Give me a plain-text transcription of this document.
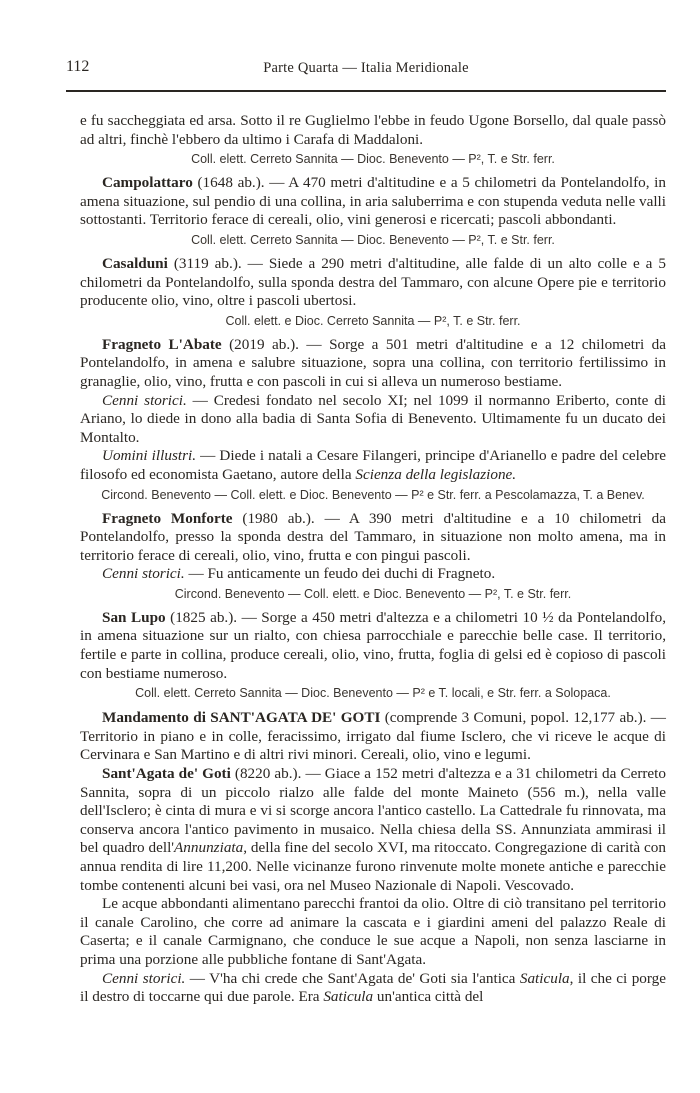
112	Parte Quarta — Italia Meridionale

e fu saccheggiata ed arsa. Sotto il re Guglielmo l'ebbe in feudo Ugone Borsello, dal quale passò ad altri, finchè l'ebbero da ultimo i Carafa di Maddaloni.

Coll. elett. Cerreto Sannita — Dioc. Benevento — P², T. e Str. ferr.

Campolattaro (1648 ab.). — A 470 metri d'altitudine e a 5 chilometri da Pontelandolfo, in amena situazione, sul pendio di una collina, in aria saluberrima e con stupenda veduta nelle valli sottostanti. Territorio ferace di cereali, olio, vini generosi e ricercati; pascoli abbondanti.

Coll. elett. Cerreto Sannita — Dioc. Benevento — P², T. e Str. ferr.

Casalduni (3119 ab.). — Siede a 290 metri d'altitudine, alle falde di un alto colle e a 5 chilometri da Pontelandolfo, sulla sponda destra del Tammaro, con alcune Opere pie e territorio producente olio, vino, oltre i pascoli ubertosi.

Coll. elett. e Dioc. Cerreto Sannita — P², T. e Str. ferr.

Fragneto L'Abate (2019 ab.). — Sorge a 501 metri d'altitudine e a 12 chilometri da Pontelandolfo, in amena e salubre situazione, sopra una collina, con territorio fertilissimo in granaglie, olio, vino, frutta e con pascoli in cui si alleva un numeroso bestiame.

Cenni storici. — Credesi fondato nel secolo XI; nel 1099 il normanno Eriberto, conte di Ariano, lo diede in dono alla badia di Santa Sofia di Benevento. Ultimamente fu un ducato dei Montalto.

Uomini illustri. — Diede i natali a Cesare Filangeri, principe d'Arianello e padre del celebre filosofo ed economista Gaetano, autore della Scienza della legislazione.

Circond. Benevento — Coll. elett. e Dioc. Benevento — P² e Str. ferr. a Pescolamazza, T. a Benev.

Fragneto Monforte (1980 ab.). — A 390 metri d'altitudine e a 10 chilometri da Pontelandolfo, presso la sponda destra del Tammaro, in situazione non molto amena, ma in territorio ferace di cereali, olio, vino, frutta e con pingui pascoli.

Cenni storici. — Fu anticamente un feudo dei duchi di Fragneto.

Circond. Benevento — Coll. elett. e Dioc. Benevento — P², T. e Str. ferr.

San Lupo (1825 ab.). — Sorge a 450 metri d'altezza e a chilometri 10 ½ da Pontelandolfo, in amena situazione sur un rialto, con chiesa parrocchiale e parecchie belle case. Il territorio, fertile e parte in collina, produce cereali, olio, vino, frutta, foglia di gelsi ed è copioso di pascoli con bestiame numeroso.

Coll. elett. Cerreto Sannita — Dioc. Benevento — P² e T. locali, e Str. ferr. a Solopaca.

Mandamento di SANT'AGATA DE' GOTI (comprende 3 Comuni, popol. 12,177 ab.). — Territorio in piano e in colle, feracissimo, irrigato dal fiume Isclero, che vi riceve le acque di Cervinara e San Martino e di altri rivi minori. Cereali, olio, vino e legumi.

Sant'Agata de' Goti (8220 ab.). — Giace a 152 metri d'altezza e a 31 chilometri da Cerreto Sannita, sopra di un piccolo rialzo alle falde del monte Maineto (556 m.), nella valle dell'Isclero; è cinta di mura e vi si scorge ancora l'antico castello. La Cattedrale fu rinnovata, ma conserva ancora l'antico pavimento in musaico. Nella chiesa della SS. Annunziata ammirasi il bel quadro dell'Annunziata, della fine del secolo XVI, ma ritoccato. Congregazione di carità con annua rendita di lire 11,200. Nelle vicinanze furono rinvenute molte monete antiche e parecchie tombe contenenti alcuni bei vasi, ora nel Museo Nazionale di Napoli. Vescovado.

Le acque abbondanti alimentano parecchi frantoi da olio. Oltre di ciò transitano pel territorio il canale Carolino, che corre ad animare la cascata e i giardini ameni del palazzo Reale di Caserta; e il canale Carmignano, che conduce le sue acque a Napoli, non senza lasciarne in prima una porzione alle pubbliche fontane di Sant'Agata.

Cenni storici. — V'ha chi crede che Sant'Agata de' Goti sia l'antica Saticula, il che ci porge il destro di toccarne qui due parole. Era Saticula un'antica città del
